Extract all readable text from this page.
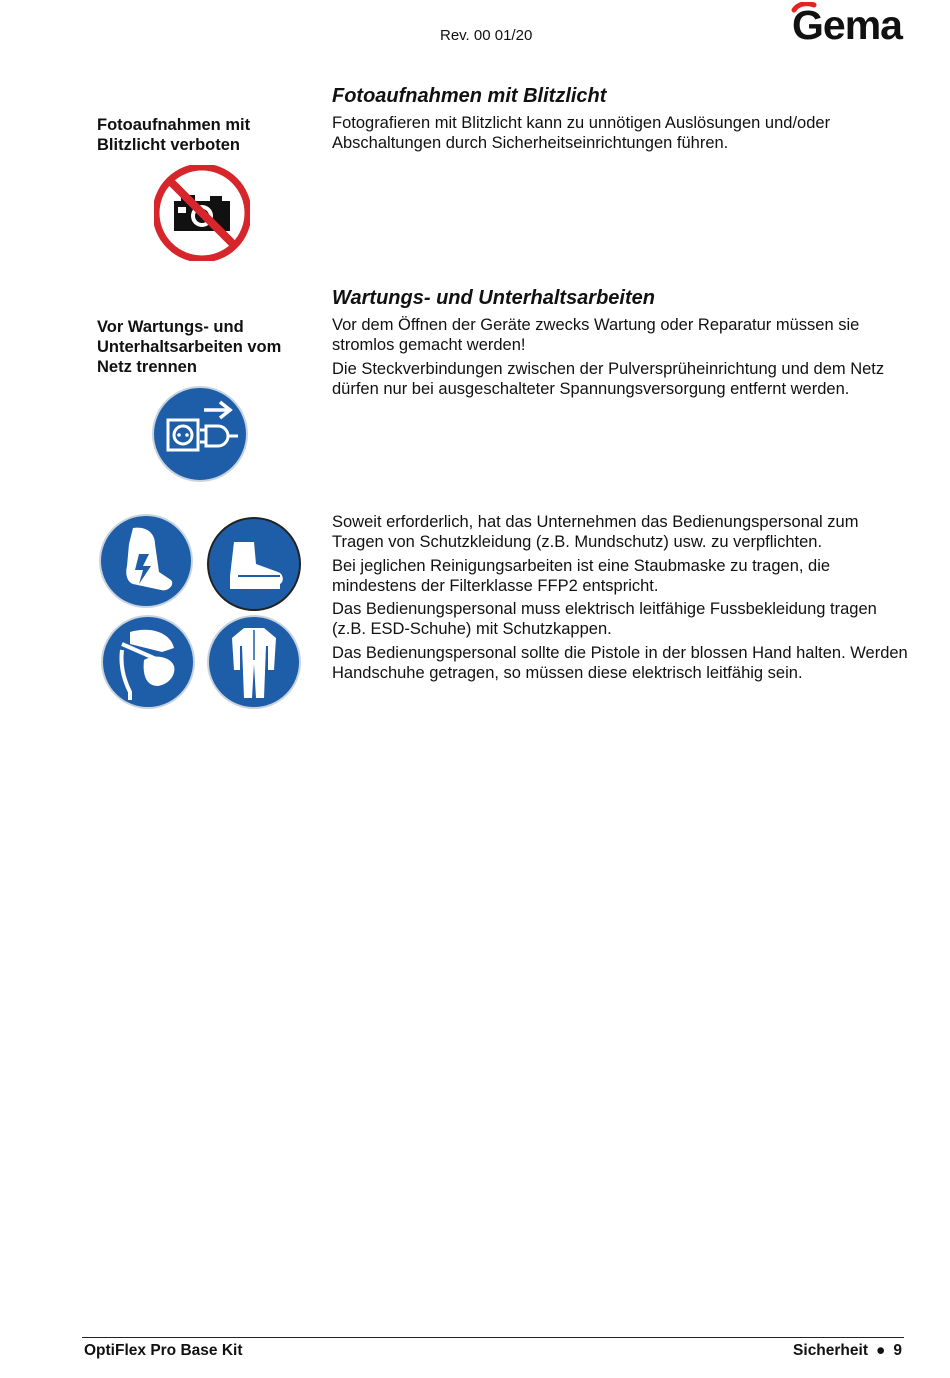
Rev. 00 01/20	Gema
Fotoaufnahmen mit Blitzlicht
Fotoaufnahmen mit Blitzlicht verboten

Fotografieren mit Blitzlicht kann zu unnötigen Auslösungen und/oder Abschaltungen durch Sicherheitseinrichtungen führen.

Wartungs- und Unterhaltsarbeiten
Vor Wartungs- und Unterhaltsarbeiten vom Netz trennen

Vor dem Öffnen der Geräte zwecks Wartung oder Reparatur müssen sie stromlos gemacht werden!

Die Steckverbindungen zwischen der Pulversprüheinrichtung und dem Netz dürfen nur bei ausgeschalteter Spannungsversorgung entfernt werden.

Soweit erforderlich, hat das Unternehmen das Bedienungspersonal zum Tragen von Schutzkleidung (z.B. Mundschutz) usw. zu verpflichten.

Bei jeglichen Reinigungsarbeiten ist eine Staubmaske zu tragen, die mindestens der Filterklasse FFP2 entspricht.

Das Bedienungspersonal muss elektrisch leitfähige Fussbekleidung tragen (z.B. ESD-Schuhe) mit Schutzkappen.

Das Bedienungspersonal sollte die Pistole in der blossen Hand halten. Werden Handschuhe getragen, so müssen diese elektrisch leitfähig sein.

OptiFlex Pro Base Kit	Sicherheit ● 9
